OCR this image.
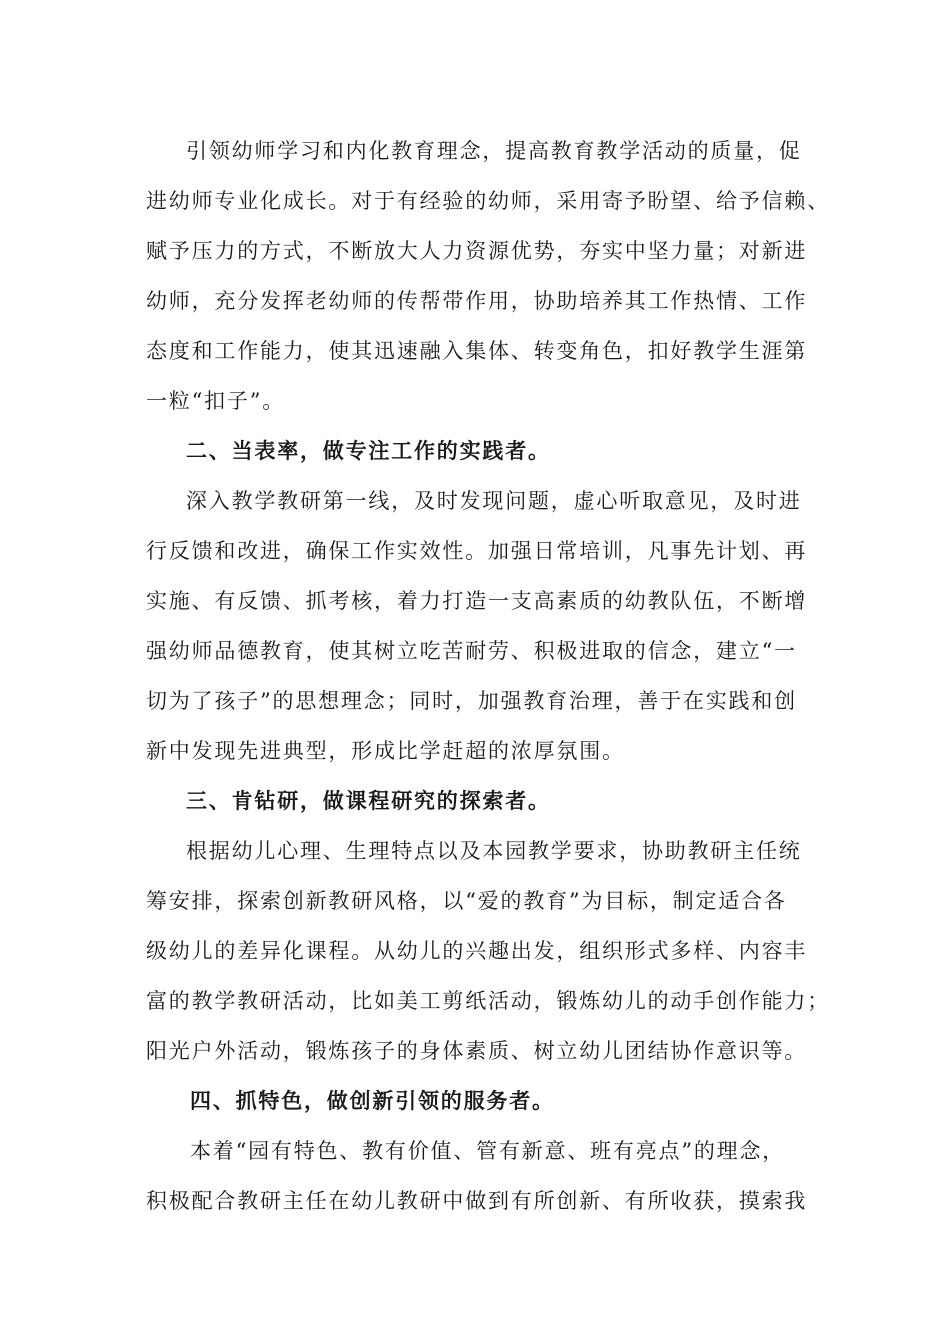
引领幼师学习和内化教育理念，提高教育教学活动的质量，促
进幼师专业化成长。对于有经验的幼师，采用寄予盼望、给予信赖、
赋予压力的方式，不断放大人力资源优势，夯实中坚力量；对新进
幼师，充分发挥老幼师的传帮带作用，协助培养其工作热情、工作
态度和工作能力，使其迅速融入集体、转变角色，扣好教学生涯第
一粒“扣子”。
二、当表率，做专注工作的实践者。
深入教学教研第一线，及时发现问题，虚心听取意见，及时进
行反馈和改进，确保工作实效性。加强日常培训，凡事先计划、再
实施、有反馈、抓考核，着力打造一支高素质的幼教队伍，不断增
强幼师品德教育，使其树立吃苦耐劳、积极进取的信念，建立“一
切为了孩子”的思想理念；同时，加强教育治理，善于在实践和创
新中发现先进典型，形成比学赶超的浓厚氛围。
三、肯钻研，做课程研究的探索者。
根据幼儿心理、生理特点以及本园教学要求，协助教研主任统
筹安排，探索创新教研风格，以“爱的教育”为目标，制定适合各
级幼儿的差异化课程。从幼儿的兴趣出发，组织形式多样、内容丰
富的教学教研活动，比如美工剪纸活动，锻炼幼儿的动手创作能力；
阳光户外活动，锻炼孩子的身体素质、树立幼儿团结协作意识等。
四、抓特色，做创新引领的服务者。
本着“园有特色、教有价值、管有新意、班有亮点”的理念，
积极配合教研主任在幼儿教研中做到有所创新、有所收获，摸索我
